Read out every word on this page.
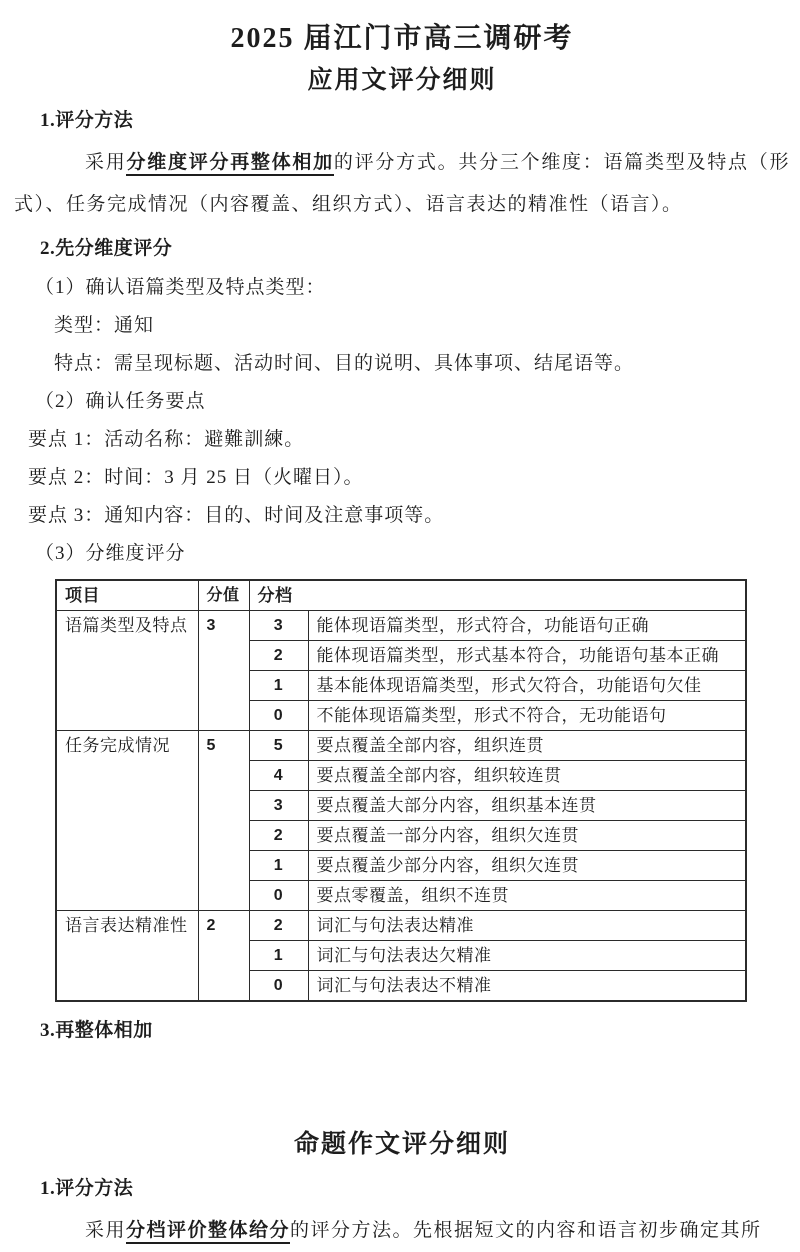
2025 届江门市高三调研考
应用文评分细则
1.评分方法

采用分维度评分再整体相加的评分方式。共分三个维度：语篇类型及特点（形式）、任务完成情况（内容覆盖、组织方式）、语言表达的精准性（语言）。

2.先分维度评分
（1）确认语篇类型及特点类型：
类型：通知
特点：需呈现标题、活动时间、目的说明、具体事项、结尾语等。
（2）确认任务要点
要点 1：活动名称：避難訓練。
要点 2：时间：3 月 25 日（火曜日）。
要点 3：通知内容：目的、时间及注意事项等。
（3）分维度评分
项目	分值	分档	
语篇类型及特点	3	3	能体现语篇类型，形式符合，功能语句正确
		2	能体现语篇类型，形式基本符合，功能语句基本正确
		1	基本能体现语篇类型，形式欠符合，功能语句欠佳
		0	不能体现语篇类型，形式不符合，无功能语句
任务完成情况	5	5	要点覆盖全部内容，组织连贯
		4	要点覆盖全部内容，组织较连贯
		3	要点覆盖大部分内容，组织基本连贯
		2	要点覆盖一部分内容，组织欠连贯
		1	要点覆盖少部分内容，组织欠连贯
		0	要点零覆盖，组织不连贯
语言表达精准性	2	2	词汇与句法表达精准
		1	词汇与句法表达欠精准
		0	词汇与句法表达不精准
3.再整体相加
命题作文评分细则
1.评分方法

采用分档评价整体给分的评分方法。先根据短文的内容和语言初步确定其所
